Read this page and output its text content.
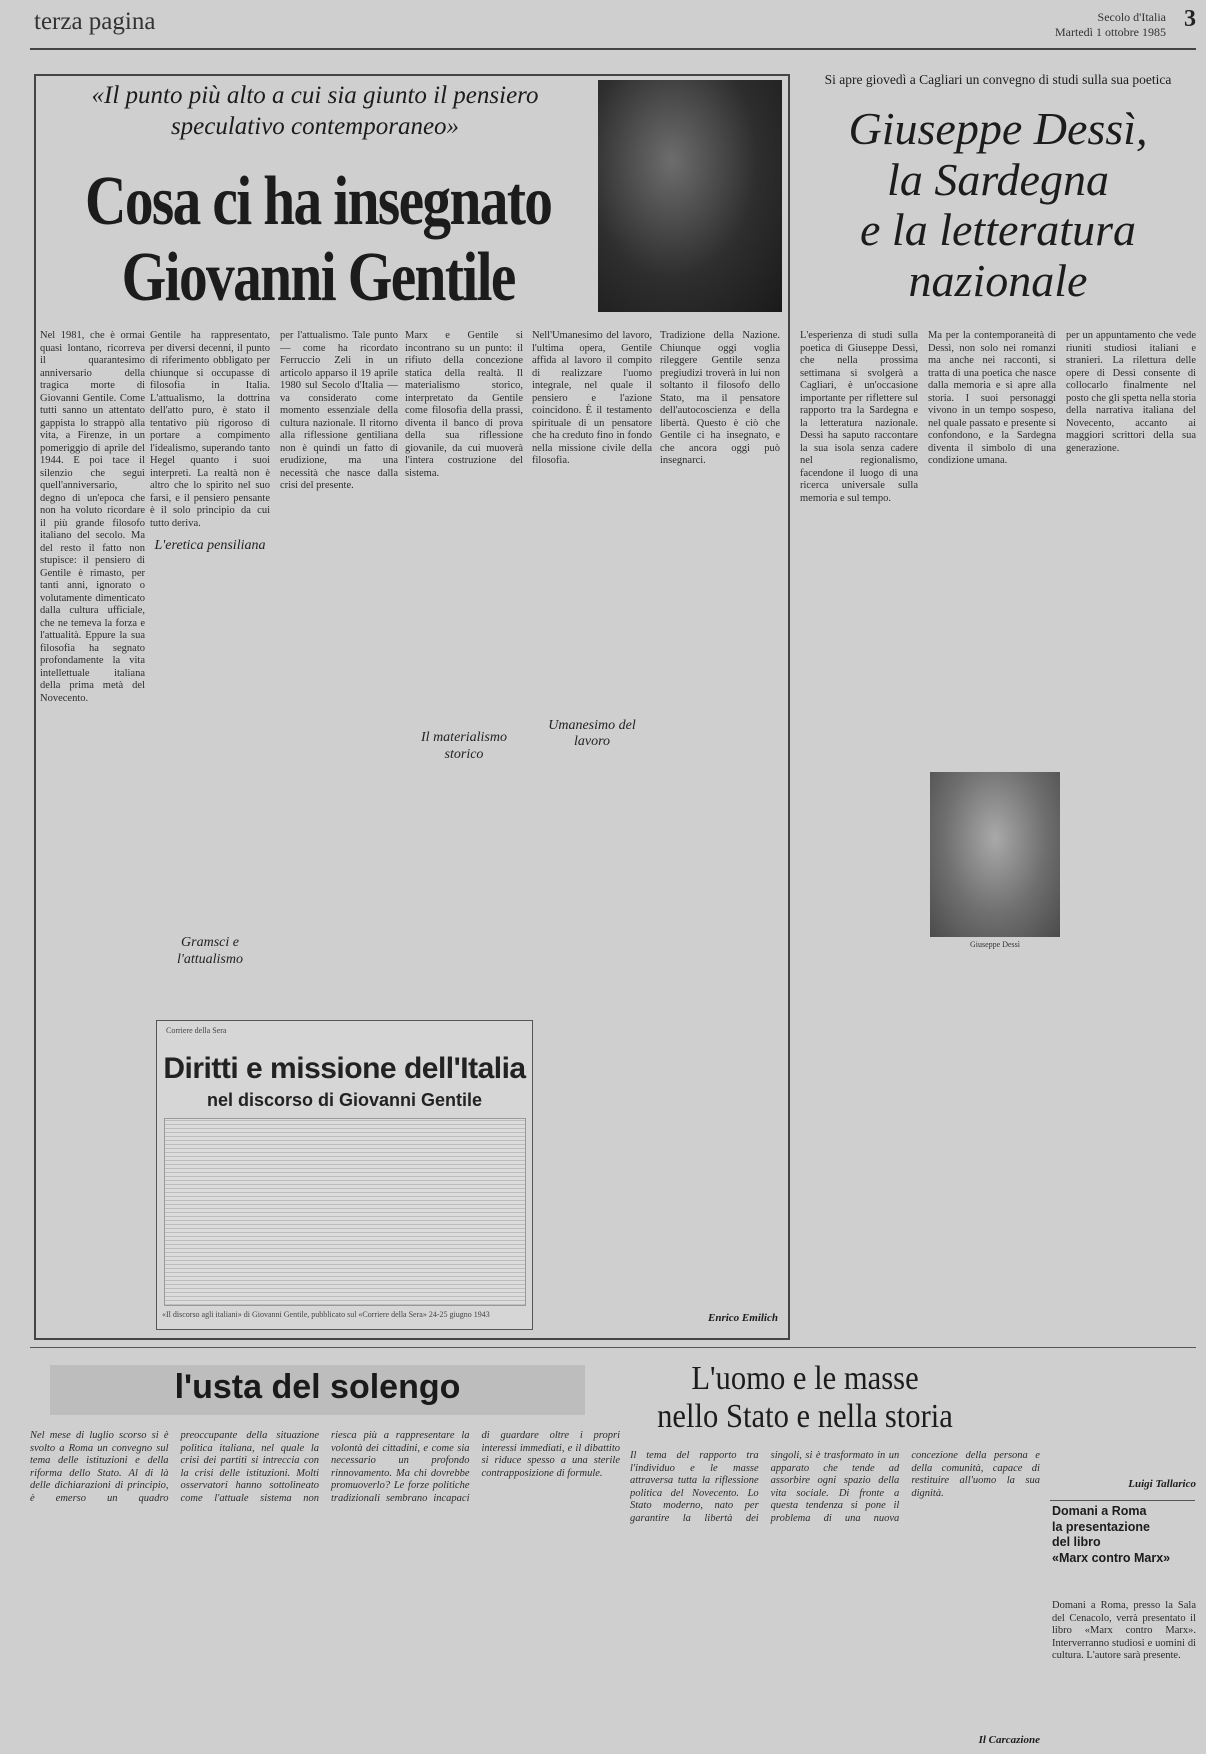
terza pagina	Secolo d'Italia
Martedì 1 ottobre 1985 3
«Il punto più alto a cui sia giunto il pensiero speculativo contemporaneo»
Cosa ci ha insegnato Giovanni Gentile

Nel 1981, che è ormai quasi lontano, ricorreva il quarantesimo anniversario della tragica morte di Giovanni Gentile. Come tutti sanno un attentato gappista lo strappò alla vita, a Firenze, in un pomeriggio di aprile del 1944. E poi tace il silenzio che seguì quell'anniversario, degno di un'epoca che non ha voluto ricordare il più grande filosofo italiano del secolo. Ma del resto il fatto non stupisce: il pensiero di Gentile è rimasto, per tanti anni, ignorato o volutamente dimenticato dalla cultura ufficiale, che ne temeva la forza e l'attualità. Eppure la sua filosofia ha segnato profondamente la vita intellettuale italiana della prima metà del Novecento.

Gentile ha rappresentato, per diversi decenni, il punto di riferimento obbligato per chiunque si occupasse di filosofia in Italia. L'attualismo, la dottrina dell'atto puro, è stato il tentativo più rigoroso di portare a compimento l'idealismo, superando tanto Hegel quanto i suoi interpreti. La realtà non è altro che lo spirito nel suo farsi, e il pensiero pensante è il solo principio da cui tutto deriva.

L'eretica pensiliana
Gramsci e l'attualismo

per l'attualismo. Tale punto — come ha ricordato Ferruccio Zeli in un articolo apparso il 19 aprile 1980 sul Secolo d'Italia — va considerato come momento essenziale della cultura nazionale. Il ritorno alla riflessione gentiliana non è quindi un fatto di erudizione, ma una necessità che nasce dalla crisi del presente.

Marx e Gentile si incontrano su un punto: il rifiuto della concezione statica della realtà. Il materialismo storico, interpretato da Gentile come filosofia della prassi, diventa il banco di prova della sua riflessione giovanile, da cui muoverà l'intera costruzione del sistema.

Il materialismo storico

Nell'Umanesimo del lavoro, l'ultima opera, Gentile affida al lavoro il compito di realizzare l'uomo integrale, nel quale il pensiero e l'azione coincidono. È il testamento spirituale di un pensatore che ha creduto fino in fondo nella missione civile della filosofia.

Umanesimo del lavoro

Tradizione della Nazione. Chiunque oggi voglia rileggere Gentile senza pregiudizi troverà in lui non soltanto il filosofo dello Stato, ma il pensatore dell'autocoscienza e della libertà. Questo è ciò che Gentile ci ha insegnato, e che ancora oggi può insegnarci.

Enrico Emilich
Corriere della Sera
Diritti e missione dell'Italia
nel discorso di Giovanni Gentile
«Il discorso agli italiani» di Giovanni Gentile, pubblicato sul «Corriere della Sera» 24-25 giugno 1943
Si apre giovedì a Cagliari un convegno di studi sulla sua poetica
Giuseppe Dessì,
la Sardegna
e la letteratura
nazionale

L'esperienza di studi sulla poetica di Giuseppe Dessì, che nella prossima settimana si svolgerà a Cagliari, è un'occasione importante per riflettere sul rapporto tra la Sardegna e la letteratura nazionale. Dessì ha saputo raccontare la sua isola senza cadere nel regionalismo, facendone il luogo di una ricerca universale sulla memoria e sul tempo.

Ma per la contemporaneità di Dessì, non solo nei romanzi ma anche nei racconti, si tratta di una poetica che nasce dalla memoria e si apre alla storia. I suoi personaggi vivono in un tempo sospeso, nel quale passato e presente si confondono, e la Sardegna diventa il simbolo di una condizione umana.

Giuseppe Dessì

per un appuntamento che vede riuniti studiosi italiani e stranieri. La rilettura delle opere di Dessì consente di collocarlo finalmente nel posto che gli spetta nella storia della narrativa italiana del Novecento, accanto ai maggiori scrittori della sua generazione.

Luigi Tallarico
l'usta del solengo
Nel mese di luglio scorso si è svolto a Roma un convegno sul tema delle istituzioni e della riforma dello Stato. Al di là delle dichiarazioni di principio, è emerso un quadro preoccupante della situazione politica italiana, nel quale la crisi dei partiti si intreccia con la crisi delle istituzioni. Molti osservatori hanno sottolineato come l'attuale sistema non riesca più a rappresentare la volontà dei cittadini, e come sia necessario un profondo rinnovamento. Ma chi dovrebbe promuoverlo? Le forze politiche tradizionali sembrano incapaci di guardare oltre i propri interessi immediati, e il dibattito si riduce spesso a una sterile contrapposizione di formule.
L'uomo e le masse
nello Stato e nella storia
Il tema del rapporto tra l'individuo e le masse attraversa tutta la riflessione politica del Novecento. Lo Stato moderno, nato per garantire la libertà dei singoli, si è trasformato in un apparato che tende ad assorbire ogni spazio della vita sociale. Di fronte a questa tendenza si pone il problema di una nuova concezione della persona e della comunità, capace di restituire all'uomo la sua dignità.
Il Carcazione
Domani a Roma
la presentazione
del libro
«Marx contro Marx»
Domani a Roma, presso la Sala del Cenacolo, verrà presentato il libro «Marx contro Marx». Interverranno studiosi e uomini di cultura. L'autore sarà presente.
